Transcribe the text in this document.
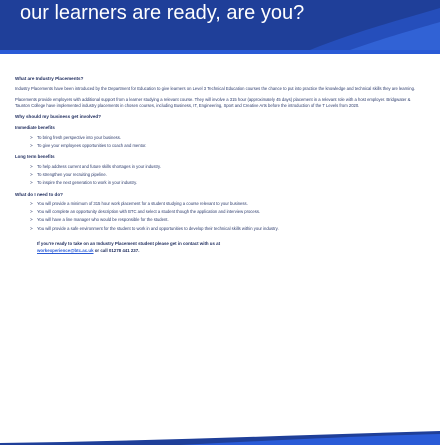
our learners are ready, are you?
What are Industry Placements?
Industry Placements have been introduced by the Department for Education to give learners on Level 3 Technical Education courses the chance to put into practice the knowledge and technical skills they are learning.
Placements provide employers with additional support from a learner studying a relevant course. They will involve a 315 hour (approximately 45 days) placement in a relevant role with a host employer. Bridgwater & Taunton College have implemented industry placements in chosen courses, including Business, IT, Engineering, Sport and Creative Arts before the introduction of the T Levels from 2020.
Why should my business get involved?
Immediate benefits
> To bring fresh perspective into your business.
> To give your employees opportunities to coach and mentor.
Long term benefits
> To help address current and future skills shortages in your industry.
> To strengthen your recruiting pipeline.
> To inspire the next generation to work in your industry.
What do I need to do?
> You will provide a minimum of 315 hour work placement for a student studying a course relevant to your business.
> You will complete an opportunity description with BTC and select a student though the application and interview process.
> You will have a line manager who would be responsible for the student.
> You will provide a safe environment for the student to work in and opportunities to develop their technical skills within your industry.
If you're ready to take on an Industry Placement student please get in contact with us at
workexperience@btc.ac.uk or call 01278 441 237.
